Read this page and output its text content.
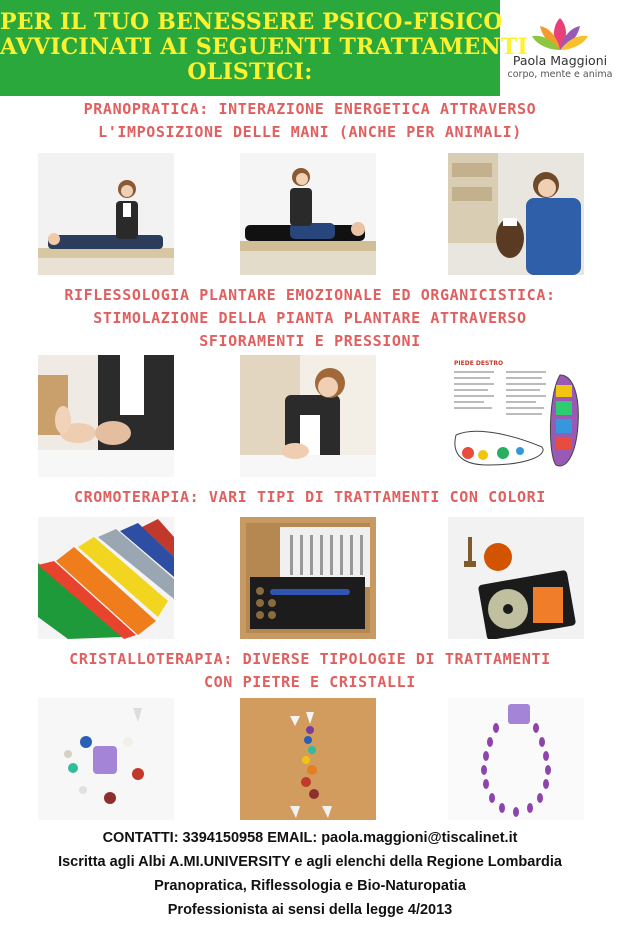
PER IL TUO BENESSERE PSICO-FISICO
AVVICINATI AI SEGUENTI TRATTAMENTI
OLISTICI:	Paola Maggioni
corpo, mente e anima
PRANOPRATICA: INTERAZIONE ENERGETICA ATTRAVERSO
L'IMPOSIZIONE DELLE MANI (ANCHE PER ANIMALI)
RIFLESSOLOGIA PLANTARE EMOZIONALE ED ORGANICISTICA:
STIMOLAZIONE DELLA PIANTA PLANTARE ATTRAVERSO
SFIORAMENTI E PRESSIONI
PIEDE DESTRO
CROMOTERAPIA: VARI TIPI DI TRATTAMENTI CON COLORI
CRISTALLOTERAPIA: DIVERSE TIPOLOGIE DI TRATTAMENTI
CON PIETRE E CRISTALLI
CONTATTI: 3394150958 EMAIL: paola.maggioni@tiscalinet.it
Iscritta agli Albi A.MI.UNIVERSITY e agli elenchi della Regione Lombardia
Pranopratica, Riflessologia e Bio-Naturopatia
Professionista ai sensi della legge 4/2013
